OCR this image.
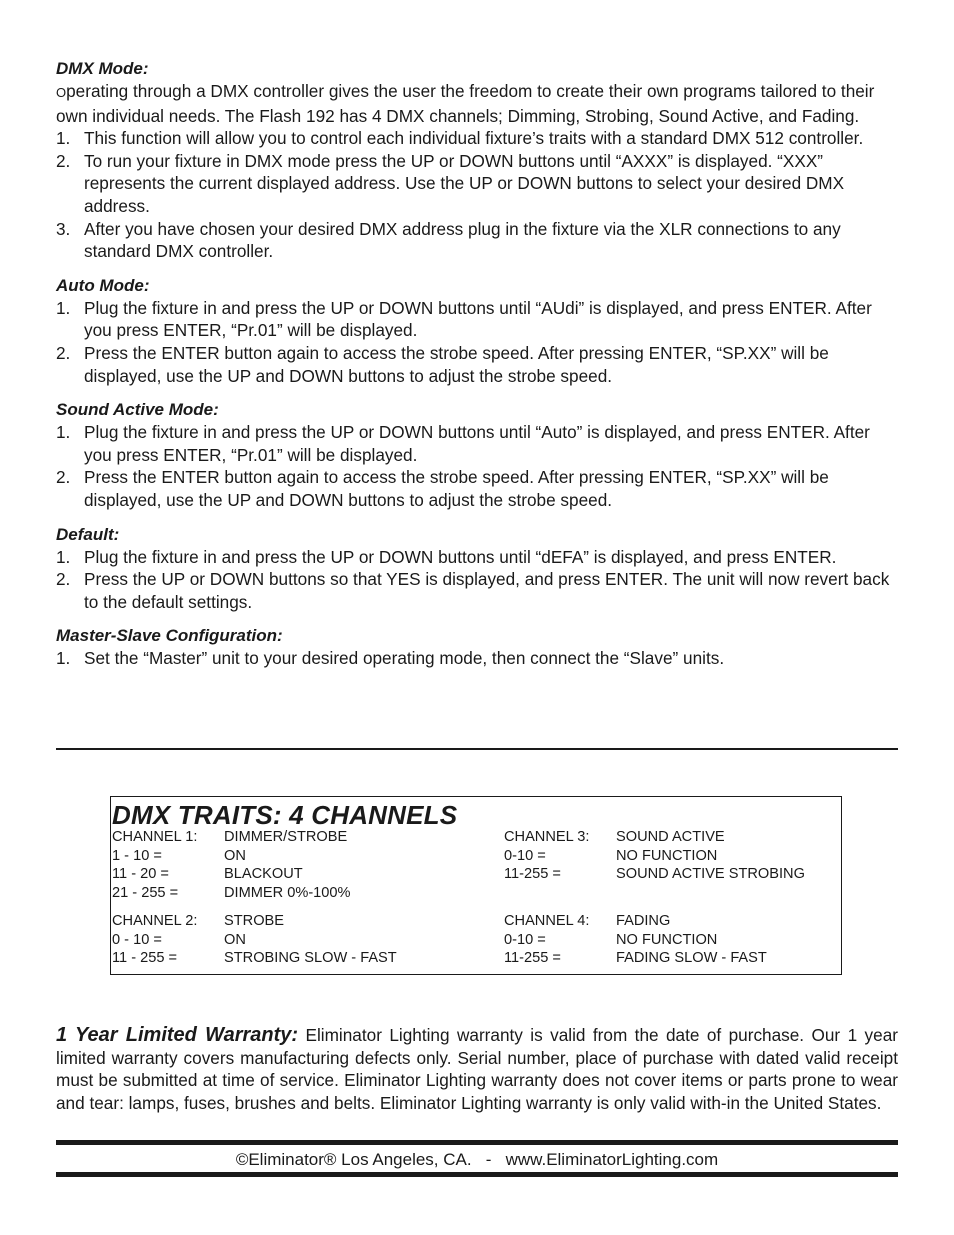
DMX Mode:

Operating through a DMX controller gives the user the freedom to create their own programs tailored to their own individual needs. The Flash 192 has 4 DMX channels; Dimming, Strobing, Sound Active, and Fading.

1. This function will allow you to control each individual fixture’s traits with a standard DMX 512 controller.
2. To run your fixture in DMX mode press the UP or DOWN buttons until “AXXX” is displayed. “XXX” represents the current displayed address. Use the UP or DOWN buttons to select your desired DMX address.
3. After you have chosen your desired DMX address plug in the fixture via the XLR connections to any standard DMX controller.

Auto Mode:

1. Plug the fixture in and press the UP or DOWN buttons until “AUdi” is displayed, and press ENTER. After you press ENTER, “Pr.01” will be displayed.
2. Press the ENTER button again to access the strobe speed. After pressing ENTER, “SP.XX” will be displayed, use the UP and DOWN buttons to adjust the strobe speed.

Sound Active Mode:

1. Plug the fixture in and press the UP or DOWN buttons until “Auto” is displayed, and press ENTER. After you press ENTER, “Pr.01” will be displayed.
2. Press the ENTER button again to access the strobe speed. After pressing ENTER, “SP.XX” will be displayed, use the UP and DOWN buttons to adjust the strobe speed.

Default:

1. Plug the fixture in and press the UP or DOWN buttons until “dEFA” is displayed, and press ENTER.
2. Press the UP or DOWN buttons so that YES is displayed, and press ENTER. The unit will now revert back to the default settings.

Master-Slave Configuration:

1. Set the “Master” unit to your desired operating mode, then connect the “Slave” units.

DMX TRAITS: 4 CHANNELS

CHANNEL 1:	DIMMER/STROBE
1 - 10 =	ON
11 - 20 =	BLACKOUT
21 - 255 =	DIMMER 0%-100%
CHANNEL 2:	STROBE
0 - 10 =	ON
11 - 255 =	STROBING SLOW - FAST
CHANNEL 3:	SOUND ACTIVE
0-10 =	NO FUNCTION
11-255 =	SOUND ACTIVE STROBING
CHANNEL 4:	FADING
0-10 =	NO FUNCTION
11-255 =	FADING SLOW - FAST

1 Year Limited Warranty: Eliminator Lighting warranty is valid from the date of purchase. Our 1 year limited warranty covers manufacturing defects only. Serial number, place of purchase with dated valid receipt must be submitted at time of service. Eliminator Lighting warranty does not cover items or parts prone to wear and tear: lamps, fuses, brushes and belts. Eliminator Lighting warranty is only valid with-in the United States.

©Eliminator® Los Angeles, CA.   -   www.EliminatorLighting.com
